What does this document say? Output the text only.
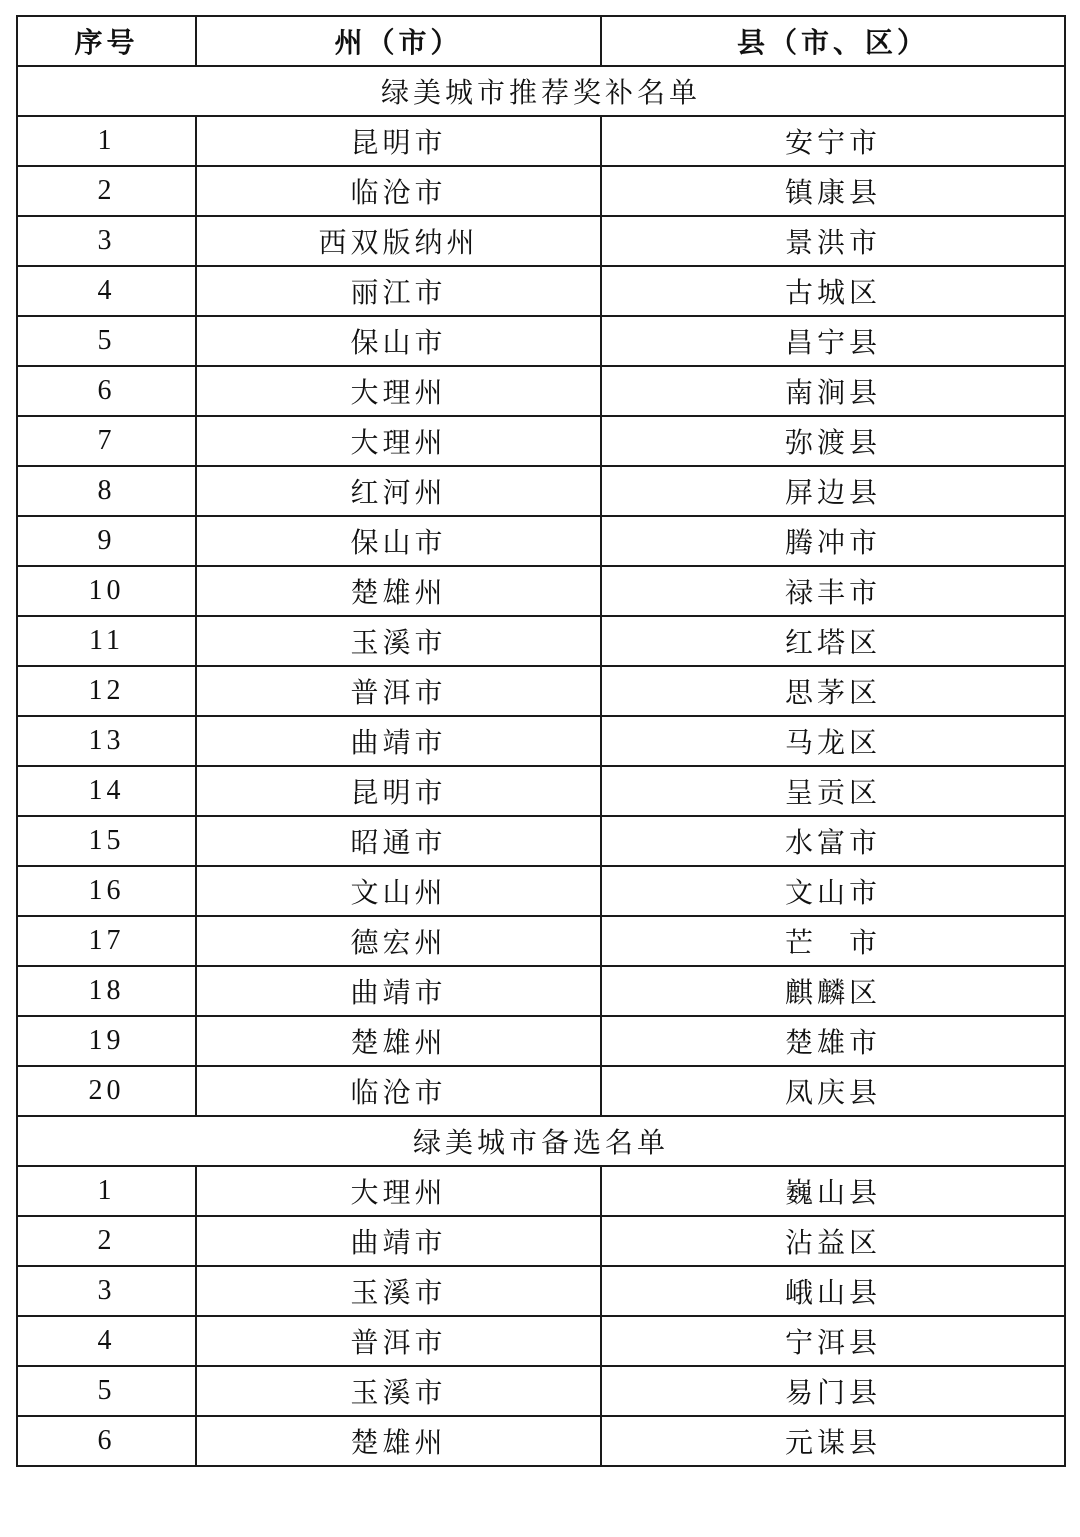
序号	州（市）	县（市、区）
绿美城市推荐奖补名单		
1	昆明市	安宁市
2	临沧市	镇康县
3	西双版纳州	景洪市
4	丽江市	古城区
5	保山市	昌宁县
6	大理州	南涧县
7	大理州	弥渡县
8	红河州	屏边县
9	保山市	腾冲市
10	楚雄州	禄丰市
11	玉溪市	红塔区
12	普洱市	思茅区
13	曲靖市	马龙区
14	昆明市	呈贡区
15	昭通市	水富市
16	文山州	文山市
17	德宏州	芒　市
18	曲靖市	麒麟区
19	楚雄州	楚雄市
20	临沧市	凤庆县
绿美城市备选名单		
1	大理州	巍山县
2	曲靖市	沾益区
3	玉溪市	峨山县
4	普洱市	宁洱县
5	玉溪市	易门县
6	楚雄州	元谋县
